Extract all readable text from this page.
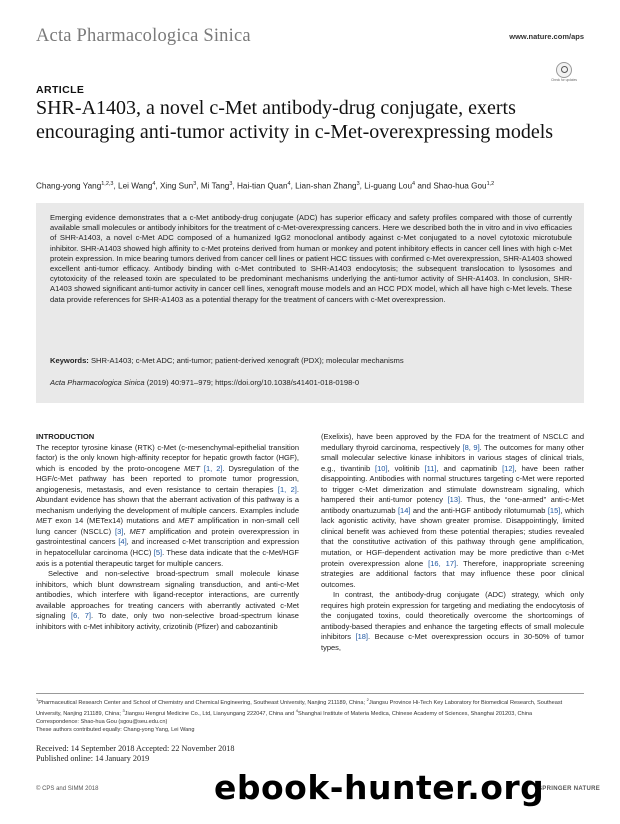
Acta Pharmacologica Sinica	www.nature.com/aps
Check for updates
ARTICLE
SHR-A1403, a novel c-Met antibody-drug conjugate, exerts encouraging anti-tumor activity in c-Met-overexpressing models
Chang-yong Yang$^{1,2,3}$, Lei Wang$^4$, Xing Sun$^3$, Mi Tang$^3$, Hai-tian Quan$^4$, Lian-shan Zhang$^3$, Li-guang Lou$^4$ and Shao-hua Gou$^{1,2}$
Emerging evidence demonstrates that a c-Met antibody-drug conjugate (ADC) has superior efficacy and safety profiles compared with those of currently available small molecules or antibody inhibitors for the treatment of c-Met-overexpressing cancers. Here we described both the in vitro and in vivo efficacies of SHR-A1403, a novel c-Met ADC composed of a humanized IgG2 monoclonal antibody against c-Met conjugated to a novel cytotoxic microtubule inhibitor. SHR-A1403 showed high affinity to c-Met proteins derived from human or monkey and potent inhibitory effects in cancer cell lines with high c-Met protein expression. In mice bearing tumors derived from cancer cell lines or patient HCC tissues with confirmed c-Met overexpression, SHR-A1403 showed excellent anti-tumor efficacy. Antibody binding with c-Met contributed to SHR-A1403 endocytosis; the subsequent translocation to lysosomes and cytotoxicity of the released toxin are speculated to be predominant mechanisms underlying the anti-tumor activity of SHR-A1403. In conclusion, SHR-A1403 showed significant anti-tumor activity in cancer cell lines, xenograft mouse models and an HCC PDX model, which all have high c-Met levels. These data provide references for SHR-A1403 as a potential therapy for the treatment of cancers with c-Met overexpression.
Keywords: SHR-A1403; c-Met ADC; anti-tumor; patient-derived xenograft (PDX); molecular mechanisms
Acta Pharmacologica Sinica (2019) 40:971–979; https://doi.org/10.1038/s41401-018-0198-0
INTRODUCTION

The receptor tyrosine kinase (RTK) c-Met (c-mesenchymal-epithelial transition factor) is the only known high-affinity receptor for hepatic growth factor (HGF), which is encoded by the proto-oncogene MET [1, 2]. Dysregulation of the HGF/c-Met pathway has been reported to promote tumor progression, angiogenesis, metastasis, and even resistance to certain therapies [1, 2]. Abundant evidence has shown that the aberrant activation of this pathway is a mechanism underlying the development of multiple cancers. Examples include MET exon 14 (METex14) mutations and MET amplification in non-small cell lung cancer (NSCLC) [3], MET amplification and protein overexpression in gastrointestinal cancers [4], and increased c-Met transcription and expression in hepatocellular carcinoma (HCC) [5]. These data indicate that the c-Met/HGF axis is a potential therapeutic target for multiple cancers.

Selective and non-selective broad-spectrum small molecule kinase inhibitors, which blunt downstream signaling transduction, and anti-c-Met antibodies, which interfere with ligand-receptor interactions, are currently available approaches for treating cancers with aberrantly activated c-Met signaling [6, 7]. To date, only two non-selective broad-spectrum kinase inhibitors with c-Met inhibitory activity, crizotinib (Pfizer) and cabozantinib

(Exelixis), have been approved by the FDA for the treatment of NSCLC and medullary thyroid carcinoma, respectively [8, 9]. The outcomes for many other small molecular selective kinase inhibitors in various stages of clinical trials, e.g., tivantinib [10], volitinib [11], and capmatinib [12], have been rather disappointing. Antibodies with normal structures targeting c-Met were reported to trigger c-Met dimerization and stimulate downstream signaling, which hampered their anti-tumor potency [13]. Thus, the “one-armed” anti-c-Met antibody onartuzumab [14] and the anti-HGF antibody rilotumumab [15], which lack agonistic activity, have shown greater promise. Disappointingly, limited clinical benefit was achieved from these potential therapies; studies revealed that the constitutive activation of this pathway through gene amplification, mutation, or HGF-dependent activation may be more predictive than c-Met protein overexpression alone [16, 17]. Therefore, inappropriate screening strategies are additional factors that may influence these poor clinical outcomes.

In contrast, the antibody-drug conjugate (ADC) strategy, which only requires high protein expression for targeting and mediating the endocytosis of the conjugated toxins, could theoretically overcome the shortcomings of antibody-based therapies and enhance the targeting effects of small molecule inhibitors [18]. Because c-Met overexpression occurs in 30-50% of tumor types,

$^1$Pharmaceutical Research Center and School of Chemistry and Chemical Engineering, Southeast University, Nanjing 211189, China; $^2$Jiangsu Province Hi-Tech Key Laboratory for Biomedical Research, Southeast University, Nanjing 211189, China; $^3$Jiangsu Hengrui Medicine Co., Ltd, Lianyungang 222047, China and $^4$Shanghai Institute of Materia Medica, Chinese Academy of Sciences, Shanghai 201203, China
Correspondence: Shao-hua Gou (sgou@seu.edu.cn)
These authors contributed equally: Chang-yong Yang, Lei Wang
Received: 14 September 2018 Accepted: 22 November 2018
Published online: 14 January 2019
© CPS and SIMM 2018	SPRINGER NATURE
ebook-hunter.org
